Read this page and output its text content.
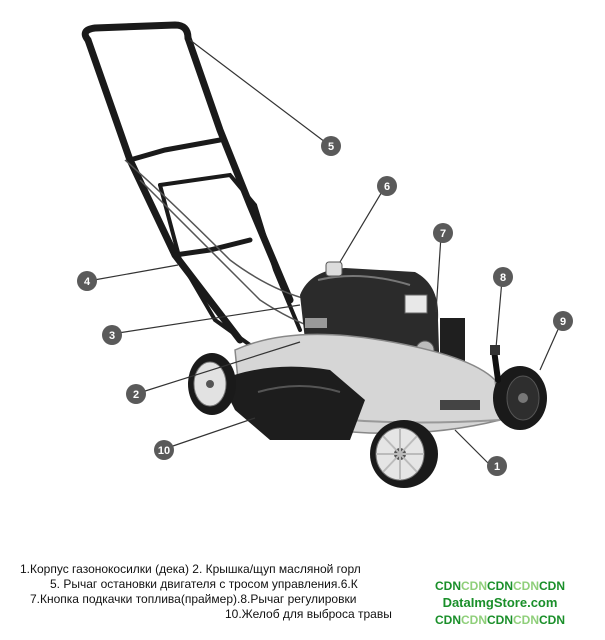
1
2
3
4
5
6
7
8
9
10
1.Корпус газонокосилки (дека) 2. Крышка/щуп масляной горл
5. Рычаг остановки двигателя с тросом управления.6.К
7.Кнопка подкачки топлива(праймер).8.Рычаг регулировки
10.Желоб для выброса травы
CDNCDNCDNCDNCDN
DataImgStore.com
CDNCDNCDNCDNCDN
